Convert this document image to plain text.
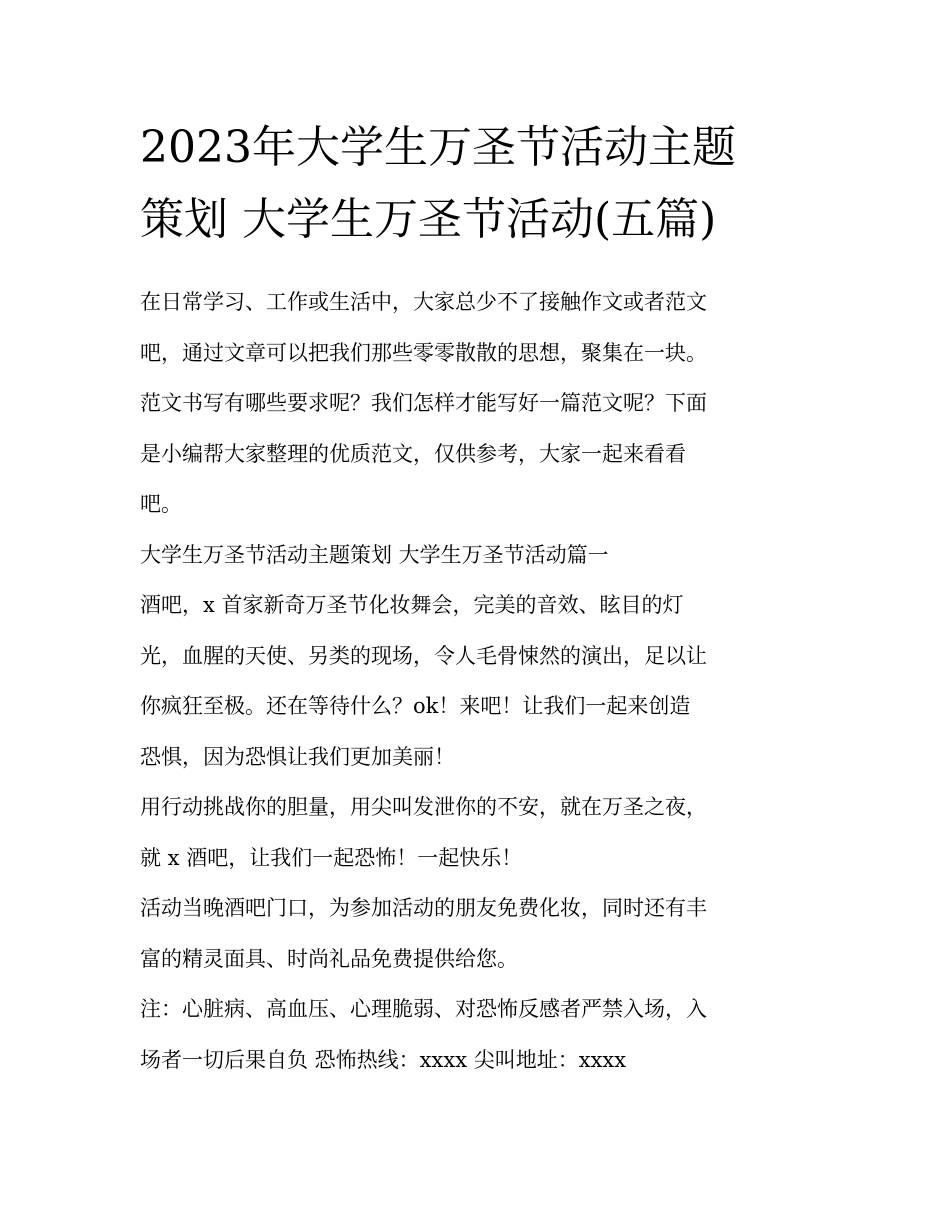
2023年大学生万圣节活动主题
策划 大学生万圣节活动(五篇)
在日常学习、工作或生活中，大家总少不了接触作文或者范文
吧，通过文章可以把我们那些零零散散的思想，聚集在一块。
范文书写有哪些要求呢？我们怎样才能写好一篇范文呢？下面
是小编帮大家整理的优质范文，仅供参考，大家一起来看看
吧。
大学生万圣节活动主题策划 大学生万圣节活动篇一
酒吧，x 首家新奇万圣节化妆舞会，完美的音效、眩目的灯
光，血腥的天使、另类的现场，令人毛骨悚然的演出，足以让
你疯狂至极。还在等待什么？ok！来吧！让我们一起来创造
恐惧，因为恐惧让我们更加美丽！
用行动挑战你的胆量，用尖叫发泄你的不安，就在万圣之夜，
就 x 酒吧，让我们一起恐怖！一起快乐！
活动当晚酒吧门口，为参加活动的朋友免费化妆，同时还有丰
富的精灵面具、时尚礼品免费提供给您。
注：心脏病、高血压、心理脆弱、对恐怖反感者严禁入场，入
场者一切后果自负 恐怖热线：xxxx 尖叫地址：xxxx
